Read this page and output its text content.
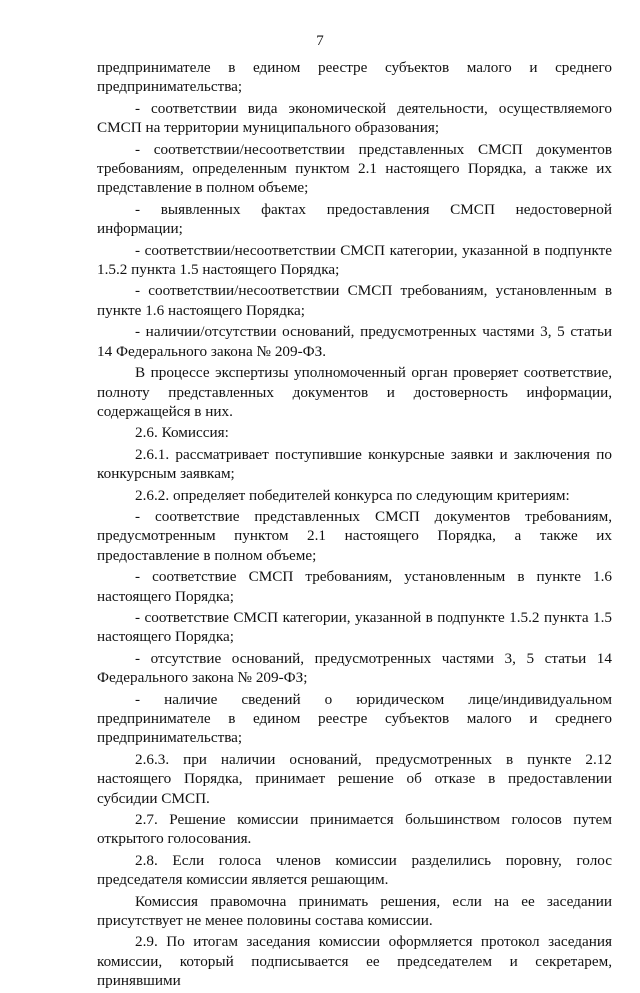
7

предпринимателе в едином реестре субъектов малого и среднего предпринимательства;

- соответствии вида экономической деятельности, осуществляемого СМСП на территории муниципального образования;

- соответствии/несоответствии представленных СМСП документов требованиям, определенным пунктом 2.1 настоящего Порядка, а также их представление в полном объеме;

- выявленных фактах предоставления СМСП недостоверной информации;

- соответствии/несоответствии СМСП категории, указанной в подпункте 1.5.2 пункта 1.5 настоящего Порядка;

- соответствии/несоответствии СМСП требованиям, установленным в пункте 1.6 настоящего Порядка;

- наличии/отсутствии оснований, предусмотренных частями 3, 5 статьи 14 Федерального закона № 209-ФЗ.

В процессе экспертизы уполномоченный орган проверяет соответствие, полноту представленных документов и достоверность информации, содержащейся в них.

2.6. Комиссия:

2.6.1. рассматривает поступившие конкурсные заявки и заключения по конкурсным заявкам;

2.6.2. определяет победителей конкурса по следующим критериям:

- соответствие представленных СМСП документов требованиям, предусмотренным пунктом 2.1 настоящего Порядка, а также их предоставление в полном объеме;

- соответствие СМСП требованиям, установленным в пункте 1.6 настоящего Порядка;

- соответствие СМСП категории, указанной в подпункте 1.5.2 пункта 1.5 настоящего Порядка;

- отсутствие оснований, предусмотренных частями 3, 5 статьи 14 Федерального закона № 209-ФЗ;

- наличие сведений о юридическом лице/индивидуальном предпринимателе в едином реестре субъектов малого и среднего предпринимательства;

2.6.3. при наличии оснований, предусмотренных в пункте 2.12 настоящего Порядка, принимает решение об отказе в предоставлении субсидии СМСП.

2.7. Решение комиссии принимается большинством голосов путем открытого голосования.

2.8. Если голоса членов комиссии разделились поровну, голос председателя комиссии является решающим.

Комиссия правомочна принимать решения, если на ее заседании присутствует не менее половины состава комиссии.

2.9. По итогам заседания комиссии оформляется протокол заседания комиссии, который подписывается ее председателем и секретарем, принявшими
